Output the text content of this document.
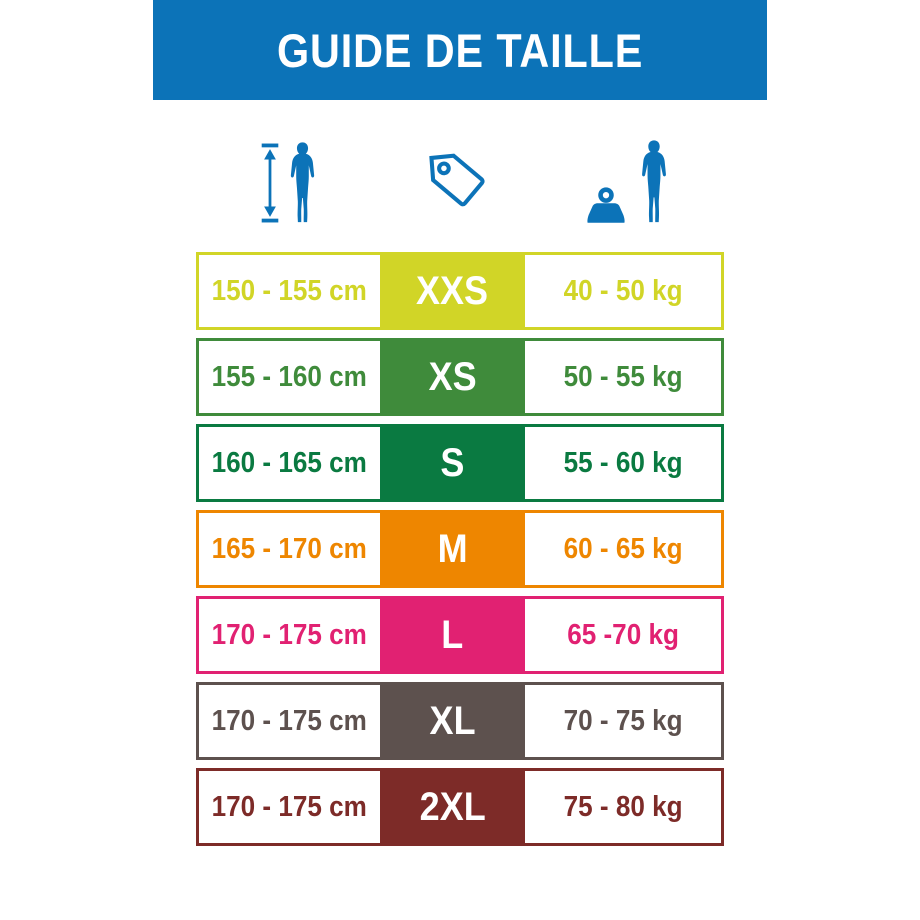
GUIDE DE TAILLE
150 - 155 cm XXS	40 - 50 kg
155 - 160 cm XS	50 - 55 kg
160 - 165 cm S	55 - 60 kg
165 - 170 cm M	60 - 65 kg
170 - 175 cm L	65 -70 kg
170 - 175 cm XL	70 - 75 kg
170 - 175 cm 2XL	75 - 80 kg
